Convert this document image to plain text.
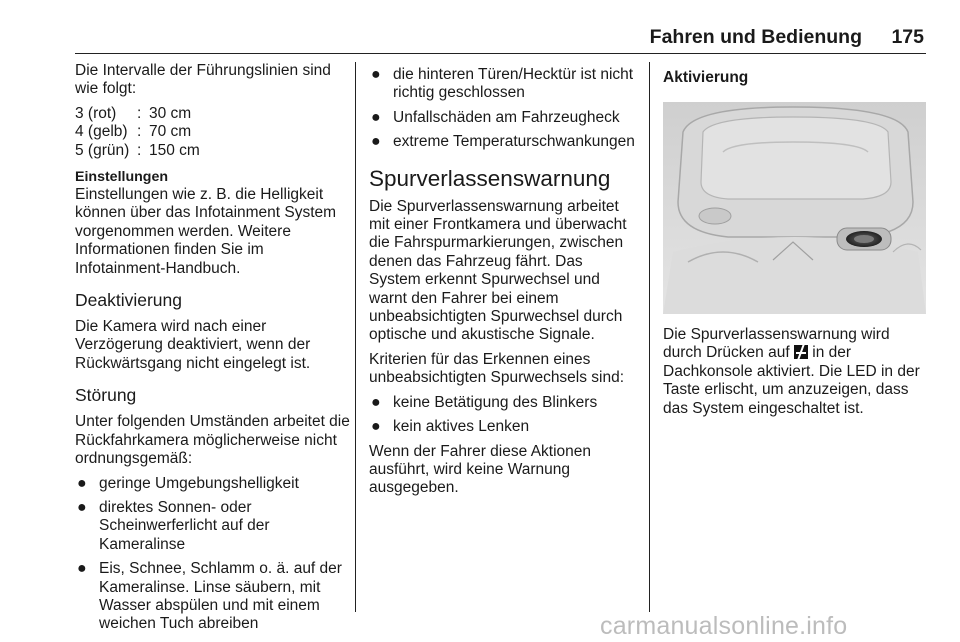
Fahren und Bedienung	175

Die Intervalle der Führungslinien sind wie folgt:

3 (rot)	: 30 cm
4 (gelb) : 70 cm
5 (grün) : 150 cm
Einstellungen

Einstellungen wie z. B. die Helligkeit können über das Infotainment System vorgenommen werden. Weitere Informationen finden Sie im Infotainment-Handbuch.

Deaktivierung

Die Kamera wird nach einer Verzögerung deaktiviert, wenn der Rückwärtsgang nicht eingelegt ist.

Störung

Unter folgenden Umständen arbeitet die Rückfahrkamera möglicherweise nicht ordnungsgemäß:

● geringe Umgebungshelligkeit
● direktes Sonnen- oder Scheinwerferlicht auf der Kameralinse
● Eis, Schnee, Schlamm o. ä. auf der Kameralinse. Linse säubern, mit Wasser abspülen und mit einem weichen Tuch abreiben
● die hinteren Türen/Hecktür ist nicht richtig geschlossen
● Unfallschäden am Fahrzeugheck
● extreme Temperaturschwankungen
Spurverlassenswarnung

Die Spurverlassenswarnung arbeitet mit einer Frontkamera und überwacht die Fahrspurmarkierungen, zwischen denen das Fahrzeug fährt. Das System erkennt Spurwechsel und warnt den Fahrer bei einem unbeabsichtigten Spurwechsel durch optische und akustische Signale.

Kriterien für das Erkennen eines unbeabsichtigten Spurwechsels sind:

● keine Betätigung des Blinkers
● kein aktives Lenken

Wenn der Fahrer diese Aktionen ausführt, wird keine Warnung ausgegeben.

Aktivierung

Die Spurverlassenswarnung wird durch Drücken auf in der Dachkonsole aktiviert. Die LED in der Taste erlischt, um anzuzeigen, dass das System eingeschaltet ist.

carmanualsonline.info
